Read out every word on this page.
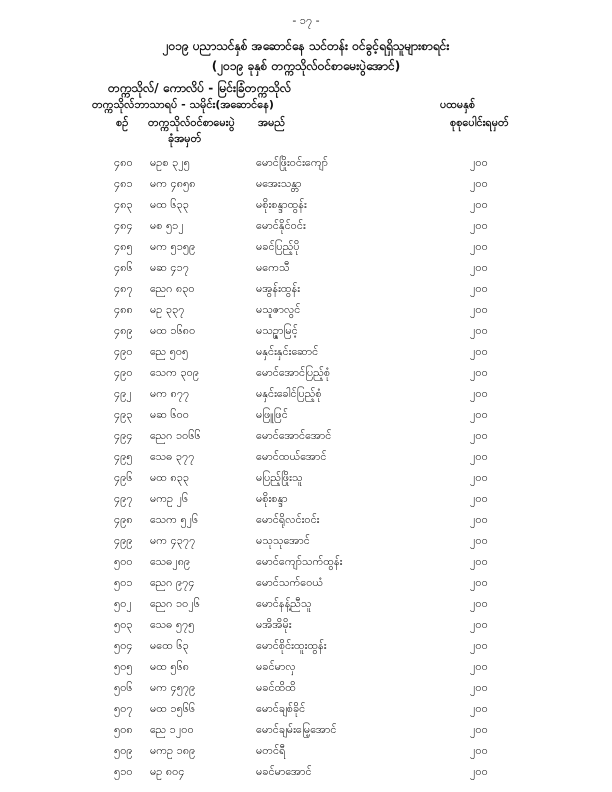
- ၁၇ -
၂၀၁၉ ပညာသင်နှစ် အဆောင်နေ သင်တန်း ဝင်ခွင့်ရရှိသူများစာရင်း
(၂၀၁၉ ခုနှစ် တက္ကသိုလ်ဝင်စာမေးပွဲအောင်)
တက္ကသိုလ်/ ကောလိပ် - မြင်းခြံတက္ကသိုလ်
တက္ကသိုလ်ဘာသာရပ် - သမိုင်း(အဆောင်နေ)	ပထမနှစ်
စဉ် တက္ကသိုလ်ဝင်စာမေးပွဲ
ခုံအမှတ်
အမည်	စုစုပေါင်းရမှတ်
၄၈၀ မဥစ ၃၂၅	မောင်ဖြိုးဝင်းကျော်	၂၀၀
၄၈၁ မက ၄၈၅၈	မအေးသန္တာ	၂၀၀
၄၈၃ မထ ၆၃၃	မစိုးစန္ဒာထွန်း	၂၀၀
၄၈၄ မစ ၅၁၂	မောင်နိုင်ဝင်း	၂၀၀
၄၈၅ မက ၅၁၅၉	မခင်ပြည့်ပို	၂၀၀
၄၈၆ မဆ ၄၁၇	မကေသီ	၂၀၀
၄၈၇ ညေဂ ၈၃၀	မအွန်းထွန်း	၂၀၀
၄၈၈ မဥ ၃၃၇	မသူဇာလွင်	၂၀၀
၄၈၉ မထ ၁၆၈၀	မသဥ္ဇာမြင့်	၂၀၀
၄၉၀ ညေ ၅၀၅	မနှင်းနှင်းဆောင်	၂၀၀
၄၉၀ သေက ၃၀၉	မောင်အောင်ပြည့်စုံ	၂၀၀
၄၉၂ မက ၈၇၇	မနှင်းခေါင်ပြည့်စုံ	၂၀၀
၄၉၃ မဆ ၆၀၀	မဖြူဖြင်	၂၀၀
၄၉၄ ညေဂ ၁၀၆၆	မောင်အောင်အောင်	၂၀၀
၄၉၅ သေဓ ၃၇၇	မောင်ထယ်အောင်	၂၀၀
၄၉၆ မထ ၈၃၃	မပြည့်ဖြိုးသူ	၂၀၀
၄၉၇ မကဥ ၂၆	မစိုးစန္ဒာ	၂၀၀
၄၉၈ သေက ၅၂၆	မောင်ရိုလင်းဝင်း	၂၀၀
၄၉၉ မက ၄၃၇၇	မသုသုအောင်	၂၀၀
၅၀၀ သေဓ၂၈၉	မောင်ကျော်သက်ထွန်း	၂၀၀
၅၀၁ ညေဂ ၉၇၄	မောင်သက်ဝေယံ	၂၀၀
၅၀၂ ညေဂ ၁၀၂၆	မောင်နန့်ညီသူ	၂၀၀
၅၀၃ သေဓ ၅၇၅	မအိအိမိုး	၂၀၀
၅၀၄ မထေ ၆၃	မောင်စိုင်းထူးထွန်း	၂၀၀
၅၀၅ မထ ၅၆၈	မခင်မာလှ	၂၀၀
၅၀၆ မက ၄၅၇၉	မခင်ထိထိ	၂၀၀
၅၀၇ မထ ၁၅၆၆	မောင်ချစ်ခိုင်	၂၀၀
၅၀၈ ညေ ၁၂၀၀	မောင်ချမ်းမြေ့အောင်	၂၀၀
၅၀၉ မကဥ ၁၈၉	မတင်ရီ	၂၀၀
၅၁၀ မဥ ၈၀၄	မခင်မာအောင်	၂၀၀
